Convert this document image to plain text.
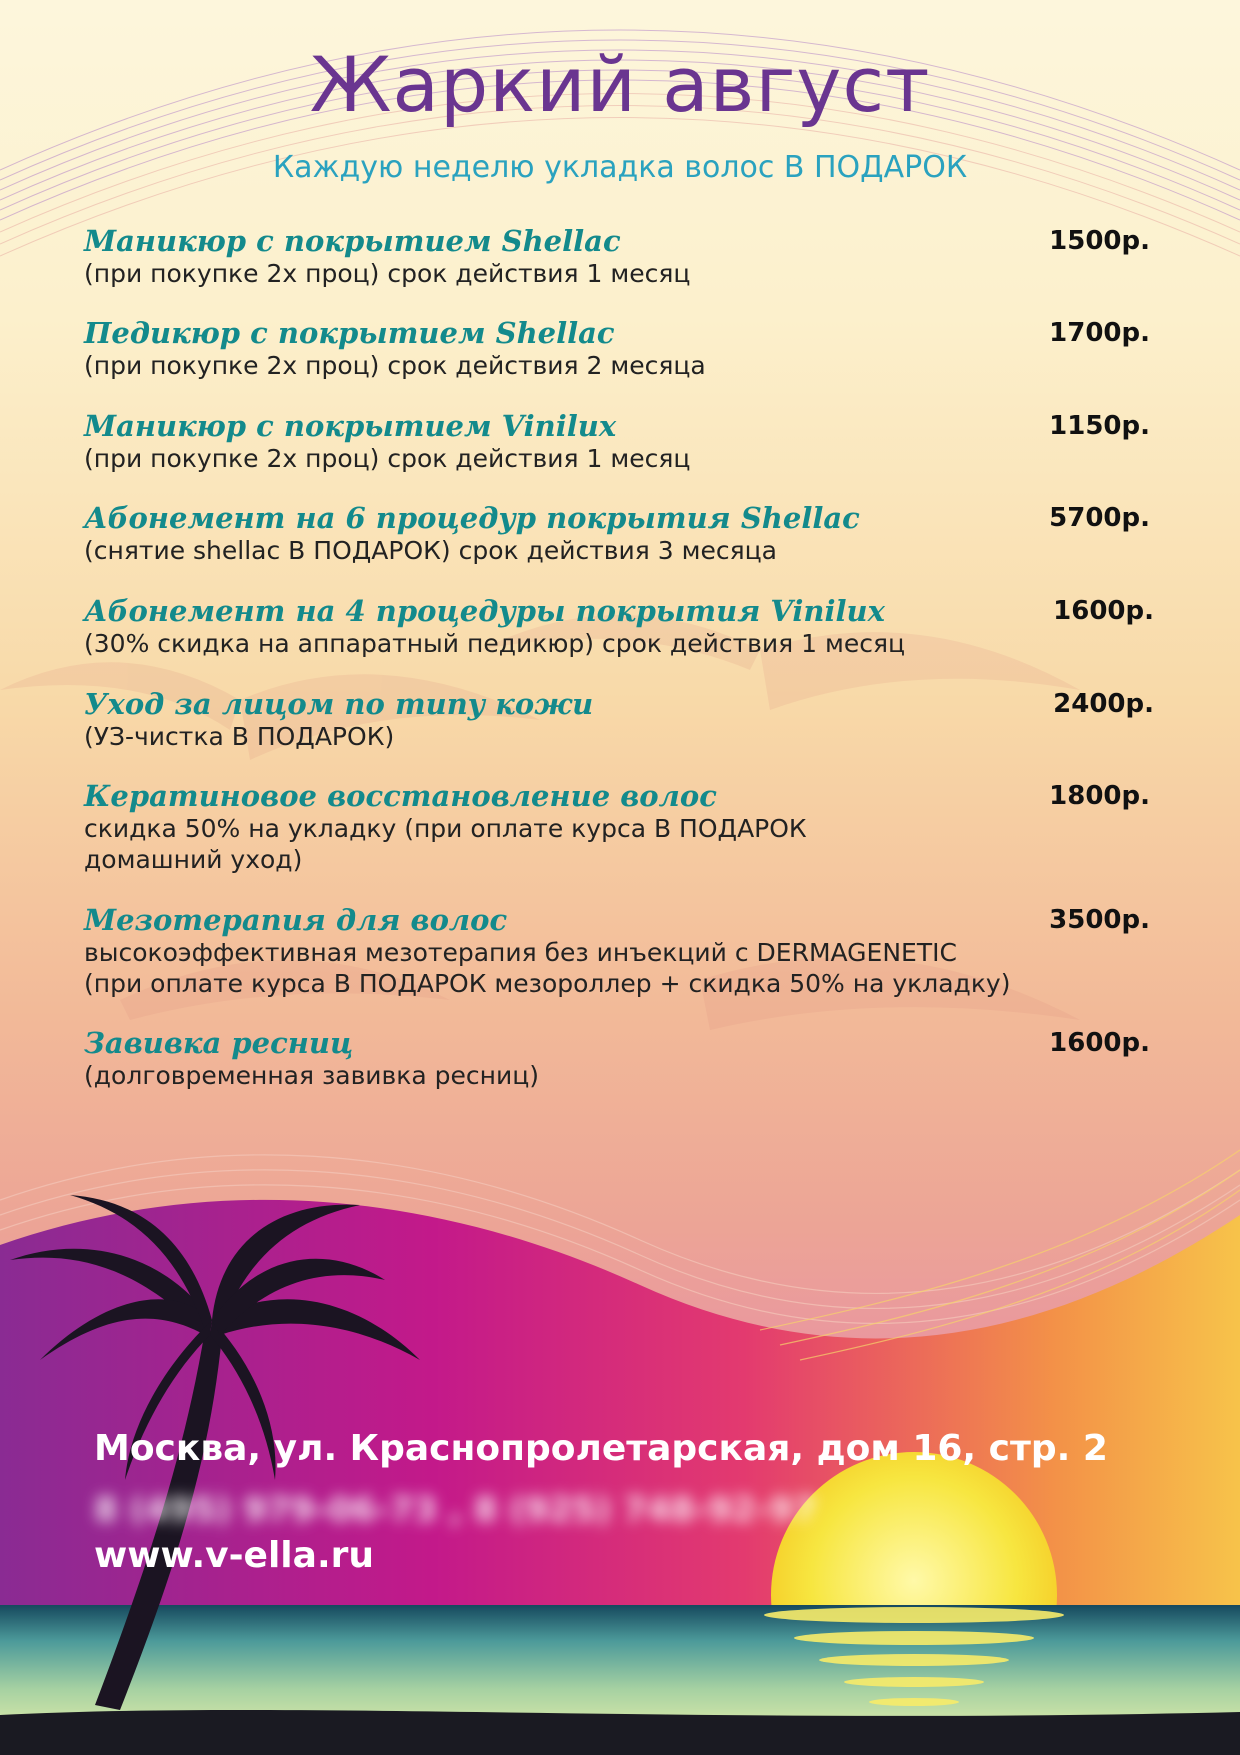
Жаркий август
Каждую неделю укладка волос В ПОДАРОК
Маникюр с покрытием Shellac
(при покупке 2х проц) срок действия 1 месяц
1500р.
Педикюр с покрытием Shellac
(при покупке 2х проц) срок действия 2 месяца
1700р.
Маникюр с покрытием Vinilux
(при покупке 2х проц) срок действия 1 месяц
1150р.
Абонемент на 6 процедур покрытия Shellac
(снятие shellac В ПОДАРОК) срок действия 3 месяца
5700р.
Абонемент на 4 процедуры покрытия Vinilux
(30% скидка на аппаратный педикюр) срок действия 1 месяц
1600р.
Уход за лицом по типу кожи
(УЗ-чистка В ПОДАРОК)
2400р.
Кератиновое восстановление волос
скидка 50% на укладку (при оплате курса В ПОДАРОК
домашний уход)
1800р.
Мезотерапия для волос
высокоэффективная мезотерапия без инъекций с DERMAGENETIC
(при оплате курса В ПОДАРОК мезороллер + скидка 50% на укладку)
3500р.
Завивка ресниц
(долговременная завивка ресниц)
1600р.
Москва, ул. Краснопролетарская, дом 16, стр. 2
8 (495) 979-06-73 , 8 (925) 748-92-97
www.v-ella.ru
